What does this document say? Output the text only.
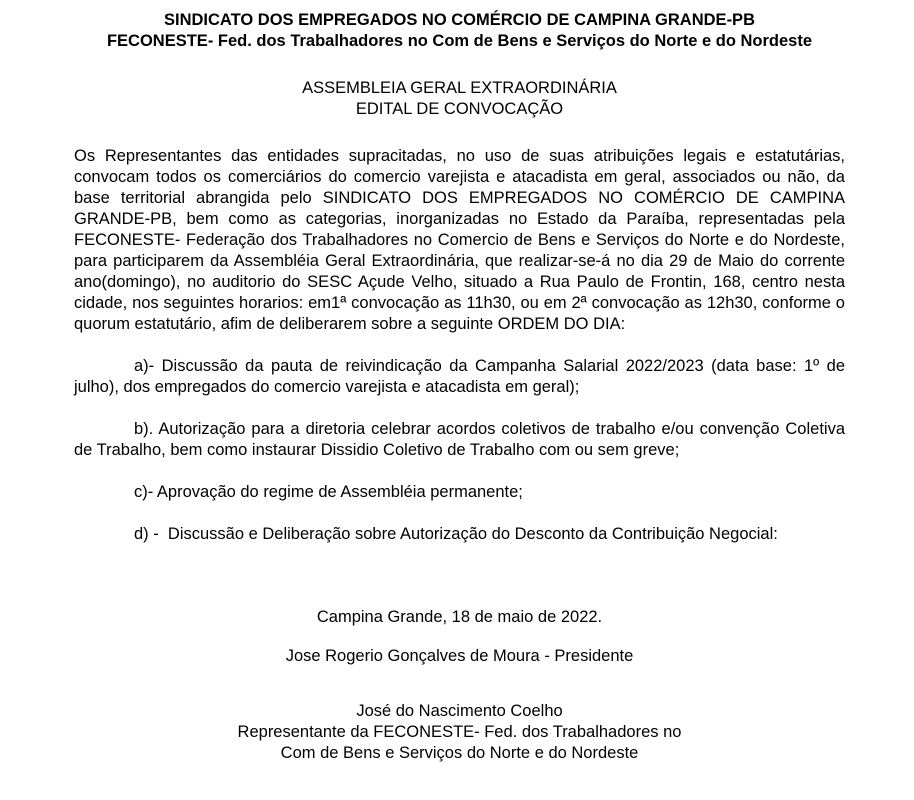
SINDICATO DOS EMPREGADOS NO COMÉRCIO DE CAMPINA GRANDE-PB

FECONESTE- Fed. dos Trabalhadores no Com de Bens e Serviços do Norte e do Nordeste

ASSEMBLEIA GERAL EXTRAORDINÁRIA

EDITAL DE CONVOCAÇÃO

Os Representantes das entidades supracitadas, no uso de suas atribuições legais e estatutárias, convocam todos os comerciários do comercio varejista e atacadista em geral, associados ou não, da base territorial abrangida pelo SINDICATO DOS EMPREGADOS NO COMÉRCIO DE CAMPINA GRANDE-PB, bem como as categorias, inorganizadas no Estado da Paraíba, representadas pela FECONESTE- Federação dos Trabalhadores no Comercio de Bens e Serviços do Norte e do Nordeste, para participarem da Assembléia Geral Extraordinária, que realizar-se-á no dia 29 de Maio do corrente ano(domingo), no auditorio do SESC Açude Velho, situado a Rua Paulo de Frontin, 168, centro nesta cidade, nos seguintes horarios: em1ª convocação as 11h30, ou em 2ª convocação as 12h30, conforme o quorum estatutário, afim de deliberarem sobre a seguinte ORDEM DO DIA:

a)- Discussão da pauta de reivindicação da Campanha Salarial 2022/2023 (data base: 1º de julho), dos empregados do comercio varejista e atacadista em geral);

b). Autorização para a diretoria celebrar acordos coletivos de trabalho e/ou convenção Coletiva de Trabalho, bem como instaurar Dissidio Coletivo de Trabalho com ou sem greve;

c)- Aprovação do regime de Assembléia permanente;

d) -  Discussão e Deliberação sobre Autorização do Desconto da Contribuição Negocial:

Campina Grande, 18 de maio de 2022.

Jose Rogerio Gonçalves de Moura - Presidente

José do Nascimento Coelho

Representante da FECONESTE- Fed. dos Trabalhadores no

Com de Bens e Serviços do Norte e do Nordeste
